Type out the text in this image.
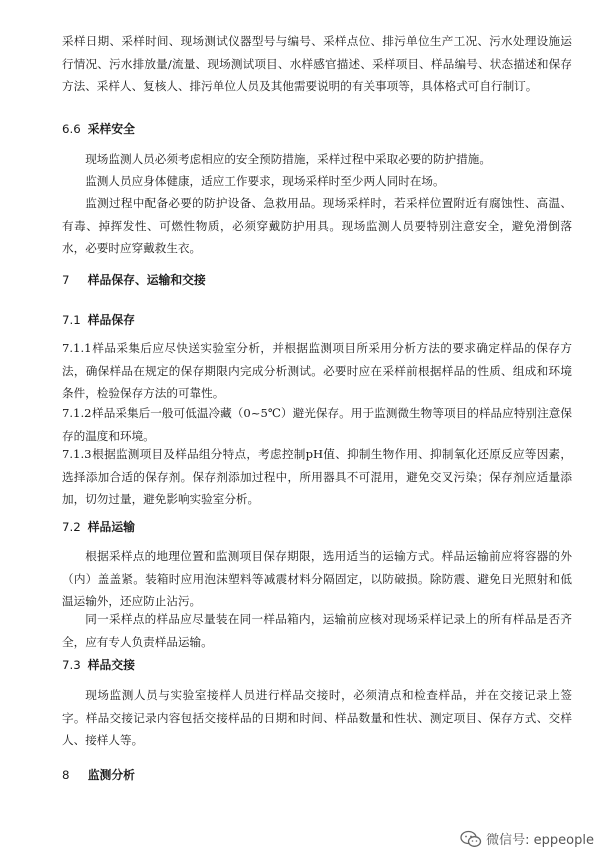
采样日期、采样时间、现场测试仪器型号与编号、采样点位、排污单位生产工况、污水处理设施运行情况、污水排放量/流量、现场测试项目、水样感官描述、采样项目、样品编号、状态描述和保存方法、采样人、复核人、排污单位人员及其他需要说明的有关事项等，具体格式可自行制订。

6.6 采样安全

现场监测人员必须考虑相应的安全预防措施，采样过程中采取必要的防护措施。

监测人员应身体健康，适应工作要求，现场采样时至少两人同时在场。

监测过程中配备必要的防护设备、急救用品。现场采样时，若采样位置附近有腐蚀性、高温、有毒、掉挥发性、可燃性物质，必须穿戴防护用具。现场监测人员要特别注意安全，避免滑倒落水，必要时应穿戴救生衣。

7 样品保存、运输和交接
7.1 样品保存

7.1.1样品采集后应尽快送实验室分析，并根据监测项目所采用分析方法的要求确定样品的保存方法，确保样品在规定的保存期限内完成分析测试。必要时应在采样前根据样品的性质、组成和环境条件，检验保存方法的可靠性。

7.1.2样品采集后一般可低温冷藏（0~5℃）避光保存。用于监测微生物等项目的样品应特别注意保存的温度和环境。

7.1.3根据监测项目及样品组分特点，考虑控制pH值、抑制生物作用、抑制氧化还原反应等因素，选择添加合适的保存剂。保存剂添加过程中，所用器具不可混用，避免交叉污染；保存剂应适量添加，切勿过量，避免影响实验室分析。

7.2 样品运输

根据采样点的地理位置和监测项目保存期限，选用适当的运输方式。样品运输前应将容器的外（内）盖盖紧。装箱时应用泡沫塑料等减震材料分隔固定，以防破损。除防震、避免日光照射和低温运输外，还应防止沾污。

同一采样点的样品应尽量装在同一样品箱内，运输前应核对现场采样记录上的所有样品是否齐全，应有专人负责样品运输。

7.3 样品交接

现场监测人员与实验室接样人员进行样品交接时，必须清点和检查样品，并在交接记录上签字。样品交接记录内容包括交接样品的日期和时间、样品数量和性状、测定项目、保存方式、交样人、接样人等。

8 监测分析
微信号: eppeople
